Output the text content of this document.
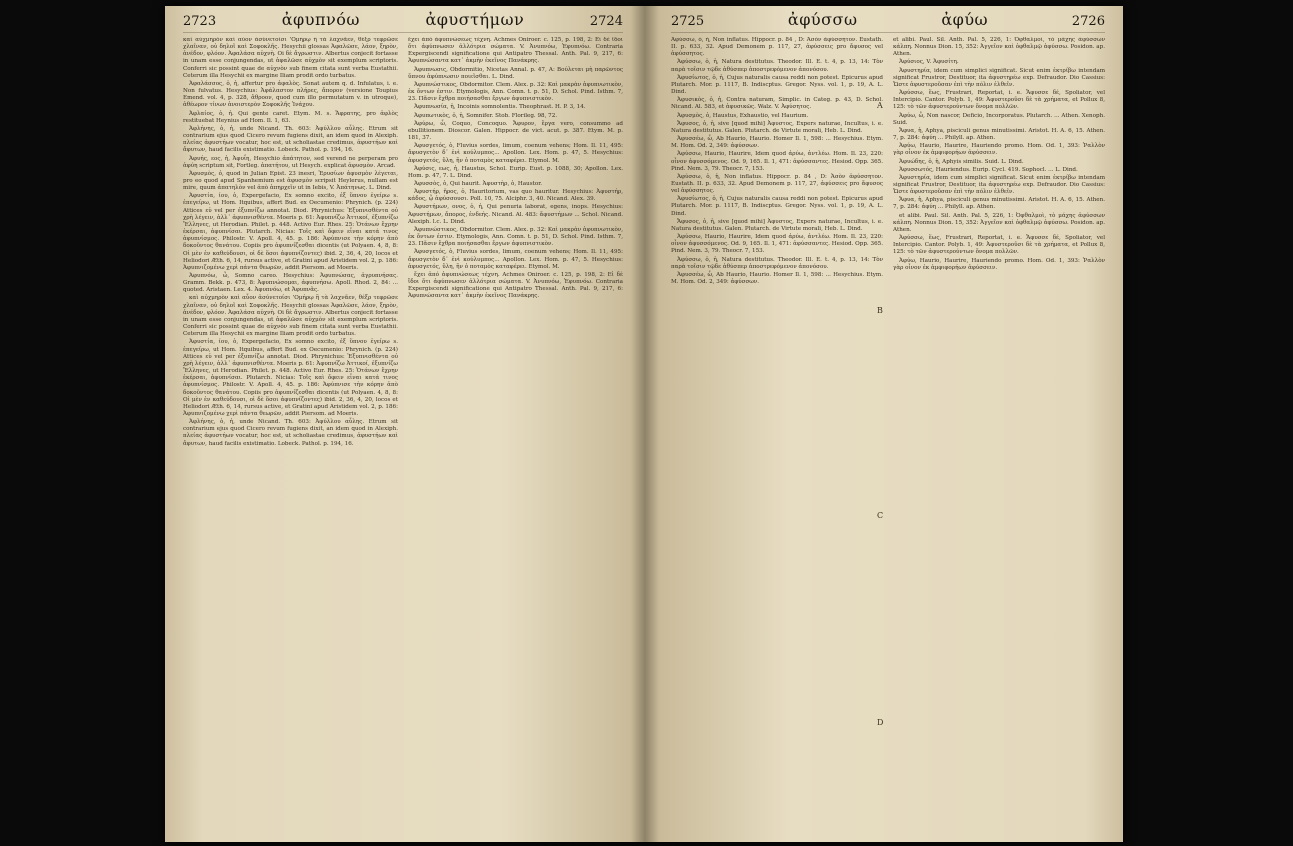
2723	ἀφυπνόω	ἀφυστήμων	2724

καὶ αὐχμηρὸν καὶ αὖον ἀσύνετοίσι ʼΟμήρῳ ἢ τὰ λαχνᾶεν, θέξρ τεφρῶσε χλαῖναν, οὐ δηλοῖ καὶ Σοφοκλῆς. Hesychii glossas Ἀφαλῶσε, λάον, ξηρὸν, ἀνέδον, φλόον. Ἀφαλάσα αὐχνὴ. Oi δὲ ἄγρωστιν. Albertus conjecit fortasse in unam esse conjungendas, ut ἀφαλῶσε αὐχμὸν sit exemplum scriptoris. Conferri sic possint quae de αὐχνὸν sub finem citata sunt verba Eustathii. Ceterum illa Hesychii ex margine Iliam prodit ordo turbatus.

Ἀφαλάσσος, ὁ, ἡ, affertur pro ἀφαλὸς. Sonat autem q. d. Infulatus, i. e. Non fulvatus. Hesychius: Ἀφάλαστον πλήρες, ἄπορον (versione Toupius Emend. vol. 4, p. 328, ἄθροον, quod cum illo permutatum v. in utroque), ἀθέωρον τίνων ἀνοιστερὸν Σοφοκλῆς Ἰνάχου.

Ἀφλαίος, ὁ, ἡ. Qui gente caret. Etym. M. s. Ἄφρατης, pro ἀφλὸς restituebat Heynius ad Hom. Il. 1, 63.

Ἀφλήνης, ὁ, ἡ, unde Nicand. Th. 603: Ἀφύλλου αὖλης. Etrum sit contrarium ejus quod Cicero revum fugiens dixit, an idem quod in Alexiph. πλείας ἀφυστήων vocatur, hoc est, ut scholiastae credimus, ἀφυστήων καὶ ἄφυτων, haud facilis existimatio. Lobeck. Pathol. p. 194, 16.

Ἀφυής, εος, ἡ, Ἀφυΐη, Hesychio ἀπάτητον, sed verend ne perperam pro ἀφύη scriptum sit, Fortleg. ἀπατήτου, ut Hesych. explicat ἀφυσμὸν. Arcad.

Ἀφυσμὸς, ὁ, quod in Julian Epist. 23 inesri, Ἐρυσίων ἀφυσμὸν λέγεται, pro eo quod apud Spanhemium est ἀφυσμὸν scripsit Heylerus, nullam est mire, quum ἀπατηλὸν vel ἀπὸ ἀπηρχεῖν ut in Iebis, V. Ἀπάτηνως. L. Dind.

Ἀφυστία, ίου, ὁ, Expergefacio, Ex somno excito, ἐξ ὕπνου ἐγείρω s. ἐπεγείρω, ut Hom. Itquibus, affert Bud. ex Oecumenio: Phrynich. (p. 224) Attices εὐ vel per ἐξυπνίζω annotat. Diod. Phrynichus: Ἐξυπνισθέντα οὐ χρὴ λέγειν, ἀλλ᾽ ἀφυπνισθέντα. Moeris p. 61: Ἀφυπνίζω Ἀττικοί, ἐξυπνίζω Ἕλληνες, ut Herodian. Philet. p. 448. Activo Eur. Rhes. 25: Ὁτάνων ἔχρην ἐκέρσαι, ἀφυπνίσαι. Plutarch. Nicias: Τοῖς καὶ ὄφειν εἶναι κατά τινος ἀφυπνίσμος. Philostr. V. Apoll. 4, 45. p. 186: Ἀφύπνισε τὴν κόρην ἀπὸ δοκοῦντος θανάτου. Copiis pro ἀφυπνίζεσθαι dicentis (ut Polyaen. 4, 8, 8: Οἱ μὲν ἐν καθεύδουσι, οἱ δὲ ὅσοι ἀφυπνίζοντες) ibid. 2, 36, 4, 20, locos et Heliodori Æth. 6, 14, rursus active, et Gratini apud Aristidem vol. 2, p. 186: Ἀφυπνιζομένω χερὶ πάντα θεωρῶν, addit Piersom. ad Moeris.

Ἀφυπνόω, ὦ, Somno careo. Hesychius: Ἀφυπνώσας, ἀγρυπνήσας. Gramm. Bekk. p. 473, 8: Ἀφυπνώσομαι, ἀφυπνήσω. Apoll. Rhod. 2, 84: ... quoted. Aristaen. Lex. 4. Ἀφυπνόω, et Ἀφυπνᾶς.

καὶ αὐχμηρὸν καὶ αὖον ἀσύνετοίσι ʼΟμήρῳ ἢ τὰ λαχνᾶεν, θέξρ τεφρῶσε χλαῖναν, οὐ δηλοῖ καὶ Σοφοκλῆς. Hesychii glossas Ἀφαλῶσε, λάον, ξηρὸν, ἀνέδον, φλόον. Ἀφαλάσα αὐχνὴ. Oi δὲ ἄγρωστιν. Albertus conjecit fortasse in unam esse conjungendas, ut ἀφαλῶσε αὐχμὸν sit exemplum scriptoris. Conferri sic possint quae de αὐχνὸν sub finem citata sunt verba Eustathii. Ceterum illa Hesychii ex margine Iliam prodit ordo turbatus.

Ἀφυστία, ίου, ὁ, Expergefacio, Ex somno excito, ἐξ ὕπνου ἐγείρω s. ἐπεγείρω, ut Hom. Itquibus, affert Bud. ex Oecumenio: Phrynich. (p. 224) Attices εὐ vel per ἐξυπνίζω annotat. Diod. Phrynichus: Ἐξυπνισθέντα οὐ χρὴ λέγειν, ἀλλ᾽ ἀφυπνισθέντα. Moeris p. 61: Ἀφυπνίζω Ἀττικοί, ἐξυπνίζω Ἕλληνες, ut Herodian. Philet. p. 448. Activo Eur. Rhes. 25: Ὁτάνων ἔχρην ἐκέρσαι, ἀφυπνίσαι. Plutarch. Nicias: Τοῖς καὶ ὄφειν εἶναι κατά τινος ἀφυπνίσμος. Philostr. V. Apoll. 4, 45. p. 186: Ἀφύπνισε τὴν κόρην ἀπὸ δοκοῦντος θανάτου. Copiis pro ἀφυπνίζεσθαι dicentis (ut Polyaen. 4, 8, 8: Οἱ μὲν ἐν καθεύδουσι, οἱ δὲ ὅσοι ἀφυπνίζοντες) ibid. 2, 36, 4, 20, locos et Heliodori Æth. 6, 14, rursus active, et Gratini apud Aristidem vol. 2, p. 186: Ἀφυπνιζομένω χερὶ πάντα θεωρῶν, addit Piersom. ad Moeris.

Ἀφλήνης, ὁ, ἡ, unde Nicand. Th. 603: Ἀφύλλου αὖλης. Etrum sit contrarium ejus quod Cicero revum fugiens dixit, an idem quod in Alexiph. πλείας ἀφυστήων vocatur, hoc est, ut scholiastae credimus, ἀφυστήων καὶ ἄφυτων, haud facilis existimatio. Lobeck. Pathol. p. 194, 16.

ἔχει ἀπό ἀφυπνώσεως τέχνη. Achmes Oniroer. c. 125, p. 198, 2: Εἰ δὲ ἴδοι ὅτι ἀφύπνωσεν ἀλλότρια σώματα. V. Ἀνυπνόω, Ἐφυπνόω. Contraria Expergiscendi significatione qui Antipatro Thessal. Anth. Pal. 9, 217, 6: Ἀφυπνώσαντα κατ᾽ ἀκμὴν ἐκεῖνος Πανάκρης.

Ἀφυπνωσις, Obdormitio, Nicetas Annal. p. 47, A: Βούλεται μὴ παρῶντος ὕπνου ἀφύπνωσιν ποιεῖσθαι. L. Dind.

Ἀφυπνώστικος, Obdormitor. Clem. Alex. p. 32: Καὶ μακρὰν ἀφυπνωτικὸν, ἐκ ὄντων ἐστιν. Etymologis, Ann. Comn. t. p. 51, D. Schol. Pind. Isthm. 7, 23. Πᾶσιν ἔχθρα ποιήσασθαι ἔργων ἀφυπνιστικὸν.

Ἀφυπνωσία, ἡ, Incoinis somnolentis. Theophrast. H. P. 3, 14.

Ἀφυπωτικὸς, ὁ, ἡ, Somnifer. Stob. Florileg. 98, 72.

Ἀφύρω, ὦ, Coquo, Concoquo. Ἄφυρον, ἔργα vero, consummo ad ebullitionem. Dioscor. Galen. Hippocr. de vict. acut. p. 387. Etym. M. p. 181, 37.

Ἀφυσγετός, ὁ, Fluvius sordes, limum, coenum vehens; Hom. Il. 11, 495: ἄφυσγετὸν δ᾽ ἐνὶ κούλυμπος... Apollon. Lex. Hom. p. 47, 5. Hesychius: ἀφυσγετός, ὕλη, ἣν ὁ ποταμὸς καταφέρει. Etymol. M.

Ἀφύσις, εως, ἡ, Haustus, Schol. Eurip. Eust. p. 1088, 30; Apollon. Lex. Hom. p. 47, 7. L. Dind.

Ἀφυσσὸς, ὁ, Qui haurit. Ἀφυστὴρ, ὁ, Haustor.

Ἀφυστήρ, ῆρος, ὁ, Hauritorium, vas quo hauritur. Hesychius: Ἀφυστήρ, κάδος, ᾧ ἀφύσσουσι. Poll. 10, 75. Alciphr. 3, 40. Nicand. Alex. 39.

Ἀφυστήμων, ονος, ὁ, ἡ, Qui penuria laborat, egens, inops. Hesychius: Ἀφυστήμων, ἄπορος, ἐνδεής. Nicand. Al. 483: ἄφυστήμων ... Schol. Nicand. Alexiph. l.c. L. Dind.

Ἀφυπνώστικος, Obdormitor. Clem. Alex. p. 32: Καὶ μακρὰν ἀφυπνωτικὸν, ἐκ ὄντων ἐστιν. Etymologis, Ann. Comn. t. p. 51, D. Schol. Pind. Isthm. 7, 23. Πᾶσιν ἔχθρα ποιήσασθαι ἔργων ἀφυπνιστικὸν.

Ἀφυσγετός, ὁ, Fluvius sordes, limum, coenum vehens; Hom. Il. 11, 495: ἄφυσγετὸν δ᾽ ἐνὶ κούλυμπος... Apollon. Lex. Hom. p. 47, 5. Hesychius: ἀφυσγετός, ὕλη, ἣν ὁ ποταμὸς καταφέρει. Etymol. M.

ἔχει ἀπό ἀφυπνώσεως τέχνη. Achmes Oniroer. c. 125, p. 198, 2: Εἰ δὲ ἴδοι ὅτι ἀφύπνωσεν ἀλλότρια σώματα. V. Ἀνυπνόω, Ἐφυπνόω. Contraria Expergiscendi significatione qui Antipatro Thessal. Anth. Pal. 9, 217, 6: Ἀφυπνώσαντα κατ᾽ ἀκμὴν ἐκεῖνος Πανάκρης.

2725	ἀφύσσω	ἀφύω	2726

Ἀφύσσω, ὁ, ἡ, Non inflatus. Hippocr. p. 84 , D: Ἀσὸν ἀφύσσητον. Eustath. II. p. 633, 32. Apud Demonem p. 117, 27, ἀφύσσεις pro ἄφυσος vel ἀφύσσητος.

Ἀφύσσω, ὁ, ἡ, Natura destitutus. Theodor. Ill. E. t. 4, p. 13, 14: Τὸν παρὰ τοῖσιν τῷδε ἀθύσπερ ἀποστρεφόμενον ἀπονόσου.

Ἀφυσίωτος, ὁ, ἡ, Cujus naturalis causa reddi non potest. Epicurus apud Plutarch. Mor. p. 1117, B. Indiscptus. Gregor. Nyss. vol. 1, p. 19, A. L. Dind.

Ἀφυσικὸς, ὁ, ἡ, Contra naturam, Simplic. in Categ. p. 43, D. Schol. Nicand. Al. 583, et ἀφυσικῶς. Walz. V. Ἀφύσητος.

Ἀφυσμὸς, ὁ, Haustus, Exhaustio, vel Haurium.

Ἄφυσος, ὁ, ἡ, sive [quod mihi] Ἀφυστος, Expers naturae, Incultus, i. e. Natura destitutus. Galen. Plutarch. de Virtute morali, Heb. L. Dind.

Ἀφυσσέω, ὦ, Ab Haurio, Haurio. Homer Il. 1, 598: ... Hesychius. Etym. M. Hom. Od. 2, 349: ἀφύσσων.

Ἀφύσσω, Haurio, Haurire, Idem quod ἀρύω, ἀντλέω. Hom. Il. 23, 220: οἶνον ἀφυσσόμενος. Od. 9, 165. Il. 1, 471: ἀφύσσαντες. Hesiod. Opp. 365. Pind. Nem. 3, 79. Theocr. 7, 153.

Ἀφύσσω, ὁ, ἡ, Non inflatus. Hippocr. p. 84 , D: Ἀσὸν ἀφύσσητον. Eustath. II. p. 633, 32. Apud Demonem p. 117, 27, ἀφύσσεις pro ἄφυσος vel ἀφύσσητος.

Ἀφυσίωτος, ὁ, ἡ, Cujus naturalis causa reddi non potest. Epicurus apud Plutarch. Mor. p. 1117, B. Indiscptus. Gregor. Nyss. vol. 1, p. 19, A. L. Dind.

Ἄφυσος, ὁ, ἡ, sive [quod mihi] Ἀφυστος, Expers naturae, Incultus, i. e. Natura destitutus. Galen. Plutarch. de Virtute morali, Heb. L. Dind.

Ἀφύσσω, Haurio, Haurire, Idem quod ἀρύω, ἀντλέω. Hom. Il. 23, 220: οἶνον ἀφυσσόμενος. Od. 9, 165. Il. 1, 471: ἀφύσσαντες. Hesiod. Opp. 365. Pind. Nem. 3, 79. Theocr. 7, 153.

Ἀφύσσω, ὁ, ἡ, Natura destitutus. Theodor. Ill. E. t. 4, p. 13, 14: Τὸν παρὰ τοῖσιν τῷδε ἀθύσπερ ἀποστρεφόμενον ἀπονόσου.

Ἀφυσσέω, ὦ, Ab Haurio, Haurio. Homer Il. 1, 598: ... Hesychius. Etym. M. Hom. Od. 2, 349: ἀφύσσων.

et alibi. Paul. Sil. Anth. Pal. 5, 226, 1: Ὀφθαλμοὶ, τὸ μάχης ἀφύσσων κάλπη. Nonnus Dion. 15, 352: Ἀγγεῖον καὶ ὀφθαλμῷ ἀφύσσω. Posidon. ap. Athen.

Ἀφύσιος, V. Ἀφυσίτη.

Ἀφυστηρία, idem cum simplici significat. Sicut enim ἐκτρίβω intendam significat Frustror, Destituor, ita ἀφυστηρέω exp. Defraudor. Dio Cassius: Ὥστε ἀφυστεροῦσαν ἐπὶ τὴν πόλιν ἐλθεῖν.

Ἀφύσσω, ἕως, Frustrari, Reportat, i. e. Ἄφυσσε δέ, Spoliator, vel Intercipio. Cantor. Polyb. 1, 49: Ἀφυστεροῦσι δὲ τὰ χρήματα, et Pollux 8, 125: τὸ τῶν ἀφυστερούντων ὄνομα πολλῶν.

Ἀφύω, ὦ, Non nascor, Deficio, Incorporatus. Plutarch. ... Athen. Xenoph. Suid.

Ἄφυα, ἡ, Aphya, pisciculi genus minutissimi. Aristot. H. A. 6, 15. Athen. 7, p. 284: ἀφύη ... Philyll. ap. Athen.

Ἀφύω, Haurio, Haurire, Hauriendo promo. Hom. Od. 1, 393: Ῥαλλὸν γὰρ οἶνον ἐκ ἀμφιφορήων ἀφύσσειν.

Ἀφυώδης, ὁ, ἡ, Aphyis similis. Suid. L. Dind.

Ἀφυσσωτός, Hauriendus. Eurip. Cycl. 419. Sophocl. ... L. Dind.

Ἀφυστηρία, idem cum simplici significat. Sicut enim ἐκτρίβω intendam significat Frustror, Destituor, ita ἀφυστηρέω exp. Defraudor. Dio Cassius: Ὥστε ἀφυστεροῦσαν ἐπὶ τὴν πόλιν ἐλθεῖν.

Ἄφυα, ἡ, Aphya, pisciculi genus minutissimi. Aristot. H. A. 6, 15. Athen. 7, p. 284: ἀφύη ... Philyll. ap. Athen.

et alibi. Paul. Sil. Anth. Pal. 5, 226, 1: Ὀφθαλμοὶ, τὸ μάχης ἀφύσσων κάλπη. Nonnus Dion. 15, 352: Ἀγγεῖον καὶ ὀφθαλμῷ ἀφύσσω. Posidon. ap. Athen.

Ἀφύσσω, ἕως, Frustrari, Reportat, i. e. Ἄφυσσε δέ, Spoliator, vel Intercipio. Cantor. Polyb. 1, 49: Ἀφυστεροῦσι δὲ τὰ χρήματα, et Pollux 8, 125: τὸ τῶν ἀφυστερούντων ὄνομα πολλῶν.

Ἀφύω, Haurio, Haurire, Hauriendo promo. Hom. Od. 1, 393: Ῥαλλὸν γὰρ οἶνον ἐκ ἀμφιφορήων ἀφύσσειν.

A
B
C
D
